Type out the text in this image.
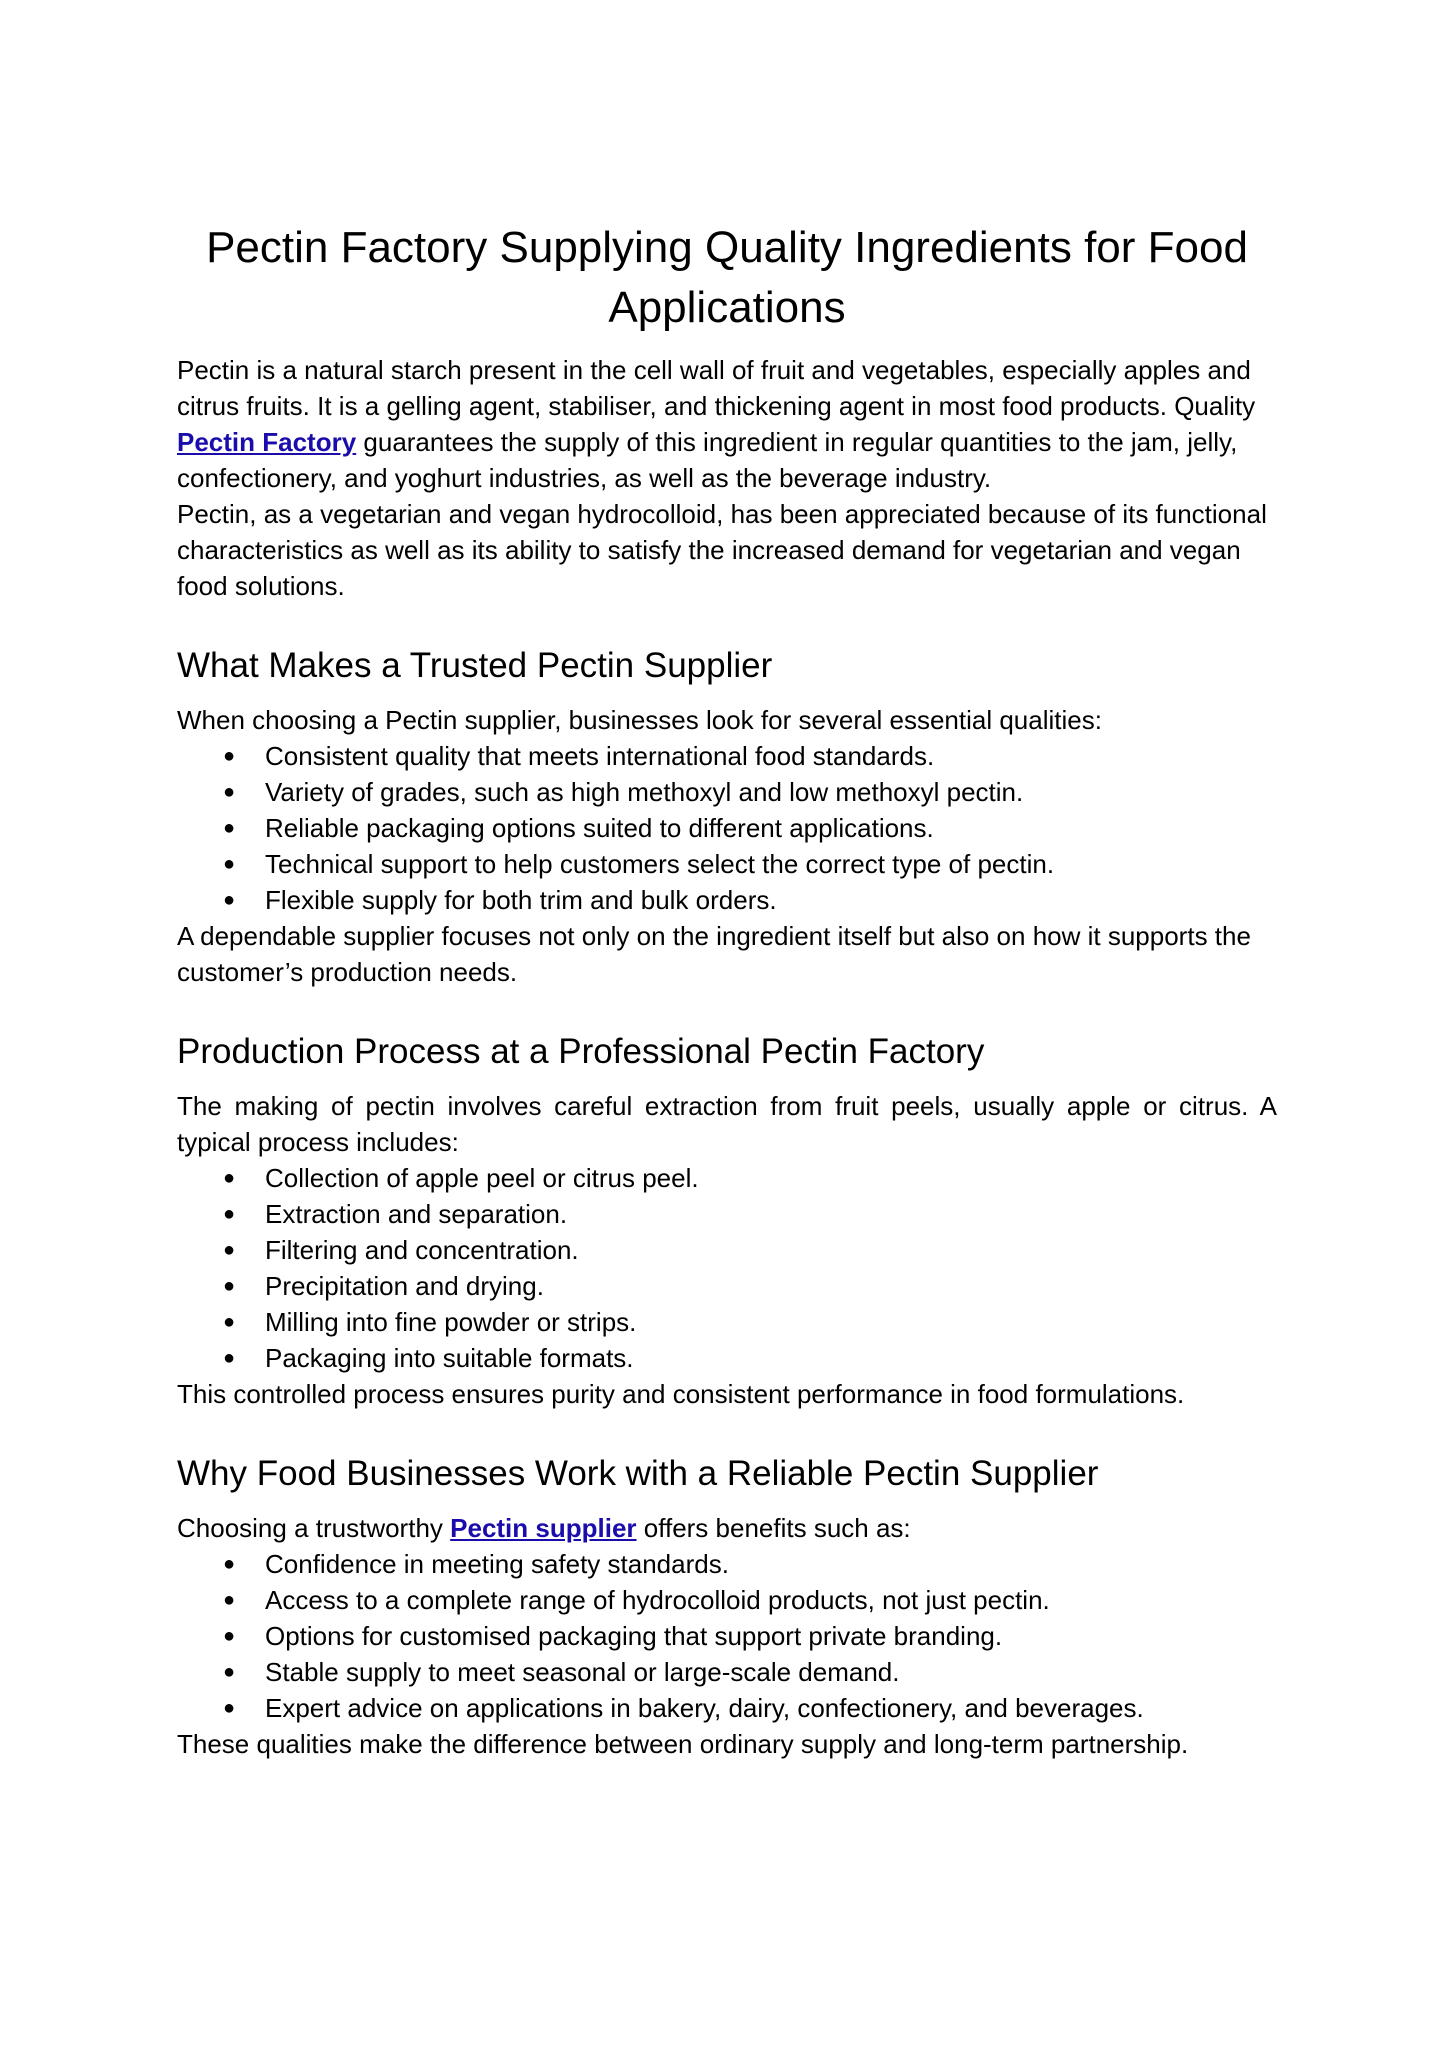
Pectin Factory Supplying Quality Ingredients for Food Applications

Pectin is a natural starch present in the cell wall of fruit and vegetables, especially apples and citrus fruits. It is a gelling agent, stabiliser, and thickening agent in most food products. Quality Pectin Factory guarantees the supply of this ingredient in regular quantities to the jam, jelly, confectionery, and yoghurt industries, as well as the beverage industry.

Pectin, as a vegetarian and vegan hydrocolloid, has been appreciated because of its functional characteristics as well as its ability to satisfy the increased demand for vegetarian and vegan food solutions.

What Makes a Trusted Pectin Supplier

When choosing a Pectin supplier, businesses look for several essential qualities:

● Consistent quality that meets international food standards.
● Variety of grades, such as high methoxyl and low methoxyl pectin.
● Reliable packaging options suited to different applications.
● Technical support to help customers select the correct type of pectin.
● Flexible supply for both trim and bulk orders.

A dependable supplier focuses not only on the ingredient itself but also on how it supports the customer’s production needs.

Production Process at a Professional Pectin Factory

The making of pectin involves careful extraction from fruit peels, usually apple or citrus. A typical process includes:

● Collection of apple peel or citrus peel.
● Extraction and separation.
● Filtering and concentration.
● Precipitation and drying.
● Milling into fine powder or strips.
● Packaging into suitable formats.

This controlled process ensures purity and consistent performance in food formulations.

Why Food Businesses Work with a Reliable Pectin Supplier

Choosing a trustworthy Pectin supplier offers benefits such as:

● Confidence in meeting safety standards.
● Access to a complete range of hydrocolloid products, not just pectin.
● Options for customised packaging that support private branding.
● Stable supply to meet seasonal or large-scale demand.
● Expert advice on applications in bakery, dairy, confectionery, and beverages.

These qualities make the difference between ordinary supply and long-term partnership.
